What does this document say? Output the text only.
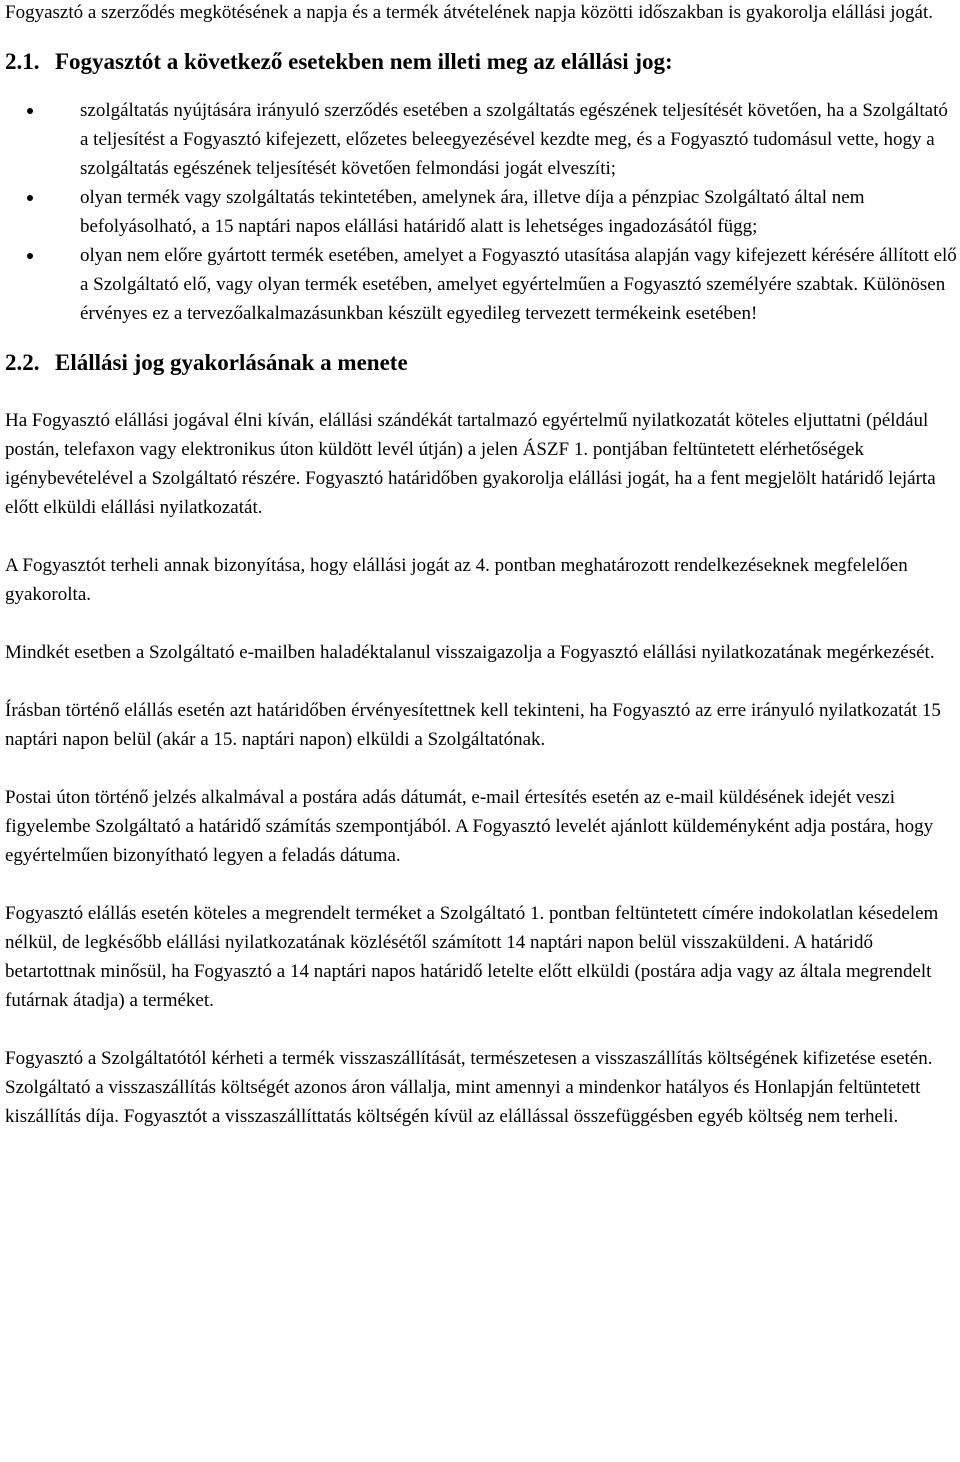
Fogyasztó a szerződés megkötésének a napja és a termék átvételének napja közötti időszakban is gyakorolja elállási jogát.

2.1. Fogyasztót a következő esetekben nem illeti meg az elállási jog:

szolgáltatás nyújtására irányuló szerződés esetében a szolgáltatás egészének teljesítését követően, ha a Szolgáltató a teljesítést a Fogyasztó kifejezett, előzetes beleegyezésével kezdte meg, és a Fogyasztó tudomásul vette, hogy a szolgáltatás egészének teljesítését követően felmondási jogát elveszíti;
olyan termék vagy szolgáltatás tekintetében, amelynek ára, illetve díja a pénzpiac Szolgáltató által nem befolyásolható, a 15 naptári napos elállási határidő alatt is lehetséges ingadozásától függ;
olyan nem előre gyártott termék esetében, amelyet a Fogyasztó utasítása alapján vagy kifejezett kérésére állított elő a Szolgáltató elő, vagy olyan termék esetében, amelyet egyértelműen a Fogyasztó személyére szabtak. Különösen érvényes ez a tervezőalkalmazásunkban készült egyedileg tervezett termékeink esetében!

2.2. Elállási jog gyakorlásának a menete

Ha Fogyasztó elállási jogával élni kíván, elállási szándékát tartalmazó egyértelmű nyilatkozatát köteles eljuttatni (például postán, telefaxon vagy elektronikus úton küldött levél útján) a jelen ÁSZF 1. pontjában feltüntetett elérhetőségek igénybevételével a Szolgáltató részére. Fogyasztó határidőben gyakorolja elállási jogát, ha a fent megjelölt határidő lejárta előtt elküldi elállási nyilatkozatát.

A Fogyasztót terheli annak bizonyítása, hogy elállási jogát az 4. pontban meghatározott rendelkezéseknek megfelelően gyakorolta.

Mindkét esetben a Szolgáltató e-mailben haladéktalanul visszaigazolja a Fogyasztó elállási nyilatkozatának megérkezését.

Írásban történő elállás esetén azt határidőben érvényesítettnek kell tekinteni, ha Fogyasztó az erre irányuló nyilatkozatát 15 naptári napon belül (akár a 15. naptári napon) elküldi a Szolgáltatónak.

Postai úton történő jelzés alkalmával a postára adás dátumát, e-mail értesítés esetén az e-mail küldésének idejét veszi figyelembe Szolgáltató a határidő számítás szempontjából. A Fogyasztó levelét ajánlott küldeményként adja postára, hogy egyértelműen bizonyítható legyen a feladás dátuma.

Fogyasztó elállás esetén köteles a megrendelt terméket a Szolgáltató 1. pontban feltüntetett címére indokolatlan késedelem nélkül, de legkésőbb elállási nyilatkozatának közlésétől számított 14 naptári napon belül visszaküldeni. A határidő betartottnak minősül, ha Fogyasztó a 14 naptári napos határidő letelte előtt elküldi (postára adja vagy az általa megrendelt futárnak átadja) a terméket.

Fogyasztó a Szolgáltatótól kérheti a termék visszaszállítását, természetesen a visszaszállítás költségének kifizetése esetén. Szolgáltató a visszaszállítás költségét azonos áron vállalja, mint amennyi a mindenkor hatályos és Honlapján feltüntetett kiszállítás díja. Fogyasztót a visszaszállíttatás költségén kívül az elállással összefüggésben egyéb költség nem terheli.
